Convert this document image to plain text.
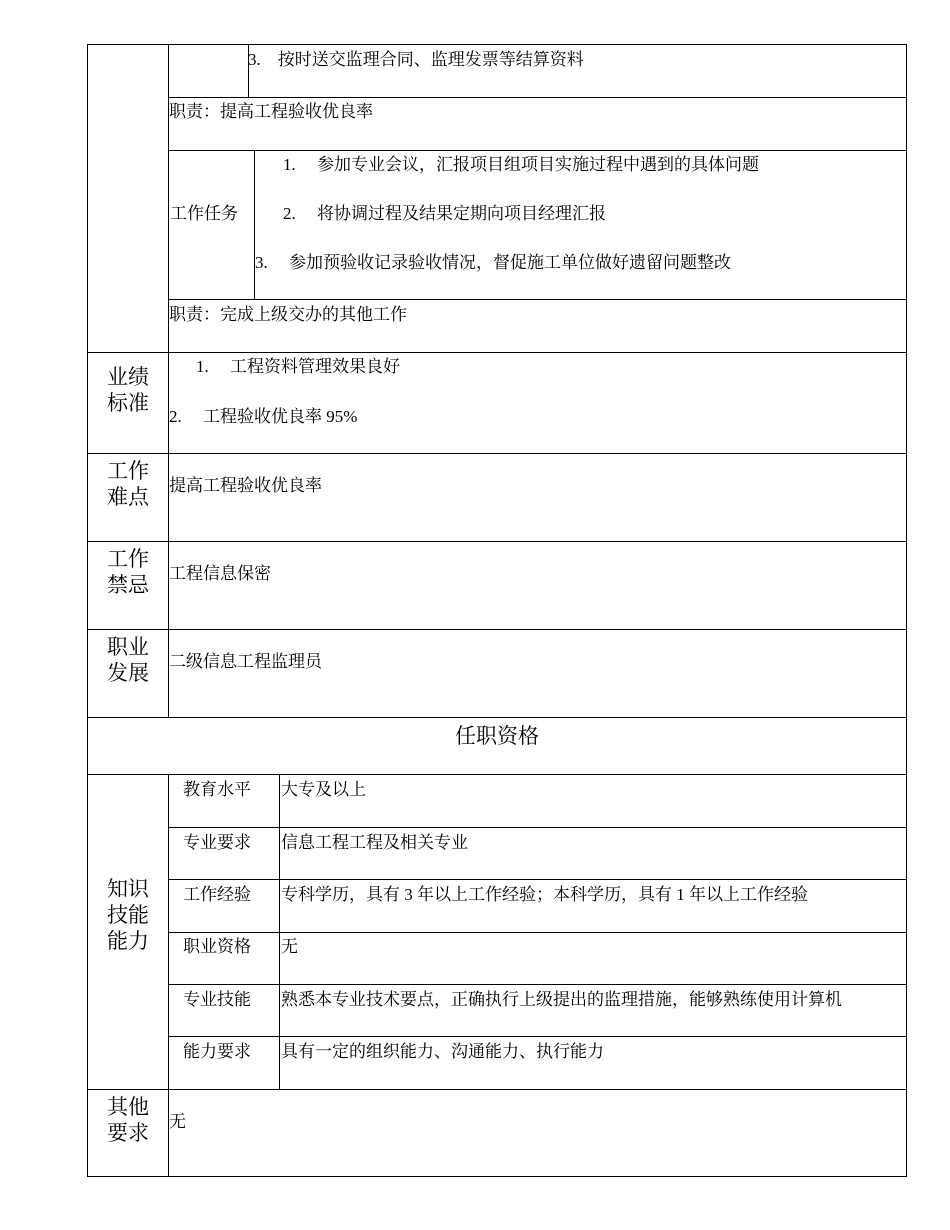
3.　按时送交监理合同、监理发票等结算资料
职责：提高工程验收优良率
工作任务
1.　 参加专业会议，汇报项目组项目实施过程中遇到的具体问题
2.　 将协调过程及结果定期向项目经理汇报
3.　 参加预验收记录验收情况，督促施工单位做好遗留问题整改
职责：完成上级交办的其他工作
业绩
标准
1.　 工程资料管理效果良好
2.　 工程验收优良率 95%
工作
难点	提高工程验收优良率
工作
禁忌	工程信息保密
职业
发展	二级信息工程监理员
任职资格
知识
技能
能力
教育水平 大专及以上
专业要求 信息工程工程及相关专业
工作经验 专科学历，具有 3 年以上工作经验；本科学历，具有 1 年以上工作经验
职业资格 无
专业技能 熟悉本专业技术要点，正确执行上级提出的监理措施，能够熟练使用计算机
能力要求 具有一定的组织能力、沟通能力、执行能力
其他
要求	无
